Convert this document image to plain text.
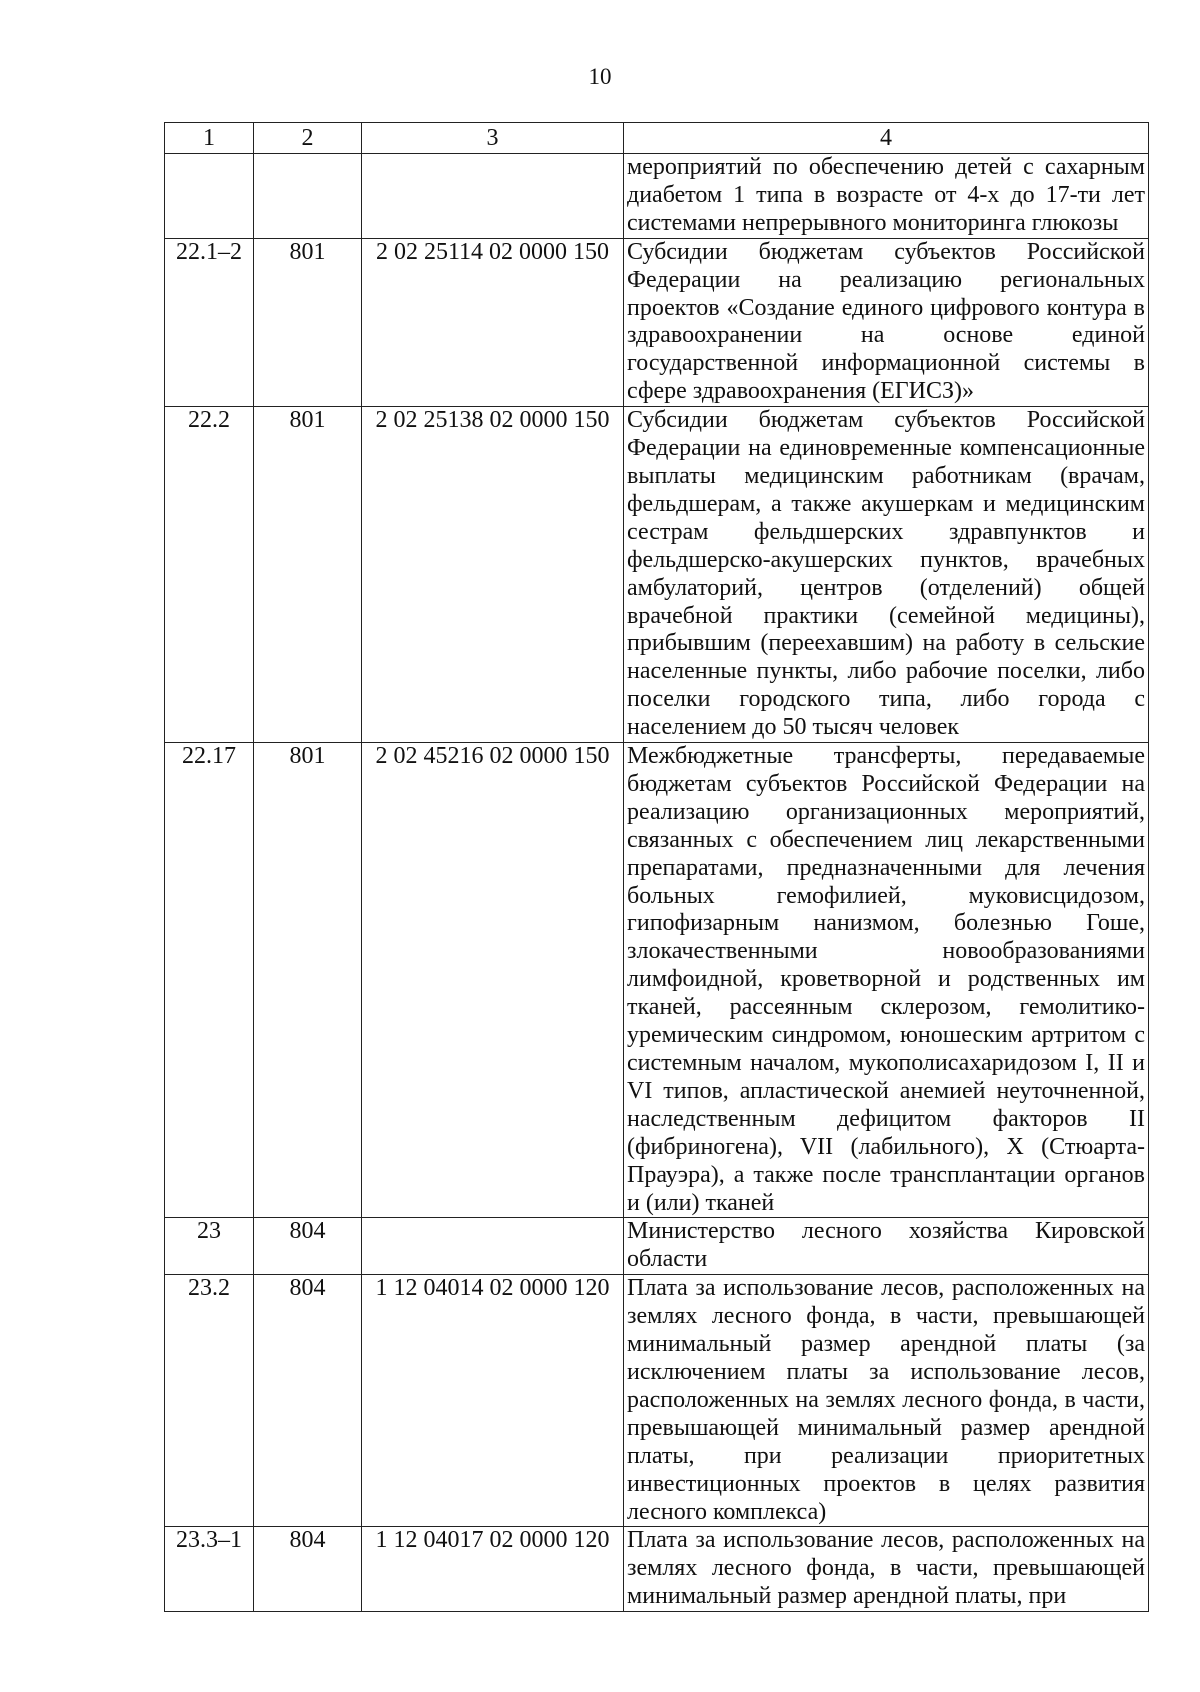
10
1	2	3	4
			мероприятий по обеспечению детей с сахарным диабетом 1 типа в возрасте от 4-х до 17-ти лет системами непрерывного мониторинга глюкозы
22.1–2	801	2 02 25114 02 0000 150	Субсидии бюджетам субъектов Российской Федерации на реализацию региональных проектов «Создание единого цифрового контура в здравоохранении на основе единой государственной информационной системы в сфере здравоохранения (ЕГИСЗ)»
22.2	801	2 02 25138 02 0000 150	Субсидии бюджетам субъектов Российской Федерации на единовременные компенсационные выплаты медицинским работникам (врачам, фельдшерам, а также акушеркам и медицинским сестрам фельдшерских здравпунктов и фельдшерско-акушерских пунктов, врачебных амбулаторий, центров (отделений) общей врачебной практики (семейной медицины), прибывшим (переехавшим) на работу в сельские населенные пункты, либо рабочие поселки, либо поселки городского типа, либо города с населением до 50 тысяч человек
22.17	801	2 02 45216 02 0000 150	Межбюджетные трансферты, передаваемые бюджетам субъектов Российской Федерации на реализацию организационных мероприятий, связанных с обеспечением лиц лекарственными препаратами, предназначенными для лечения больных гемофилией, муковисцидозом, гипофизарным нанизмом, болезнью Гоше, злокачественными новообразованиями лимфоидной, кроветворной и родственных им тканей, рассеянным склерозом, гемолитико-уремическим синдромом, юношеским артритом с системным началом, мукополисахаридозом I, II и VI типов, апластической анемией неуточненной, наследственным дефицитом факторов II (фибриногена), VII (лабильного), X (Стюарта-Прауэра), а также после трансплантации органов и (или) тканей
23	804		Министерство лесного хозяйства Кировской области
23.2	804	1 12 04014 02 0000 120	Плата за использование лесов, расположенных на землях лесного фонда, в части, превышающей минимальный размер арендной платы (за исключением платы за использование лесов, расположенных на землях лесного фонда, в части, превышающей минимальный размер арендной платы, при реализации приоритетных инвестиционных проектов в целях развития лесного комплекса)
23.3–1	804	1 12 04017 02 0000 120	Плата за использование лесов, расположенных на землях лесного фонда, в части, превышающей минимальный размер арендной платы, при
